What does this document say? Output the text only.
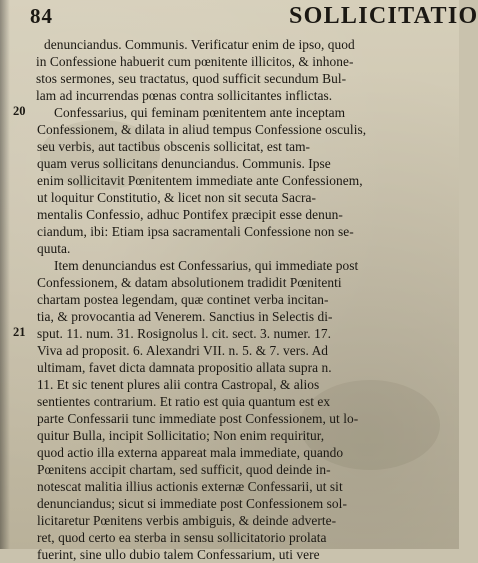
84	SOLLICITATIO
20
21
denunciandus. Communis. Verificatur enim de ipso, quod
in Confessione habuerit cum pœnitente illicitos, & inhone-
stos sermones, seu tractatus, quod sufficit secundum Bul-
lam ad incurrendas pœnas contra sollicitantes inflictas.
Confessarius, qui feminam pœnitentem ante inceptam
Confessionem, & dilata in aliud tempus Confessione osculis,
seu verbis, aut tactibus obscenis sollicitat, est tam-
quam verus sollicitans denunciandus. Communis. Ipse
enim sollicitavit Pœnitentem immediate ante Confessionem,
ut loquitur Constitutio, & licet non sit secuta Sacra-
mentalis Confessio, adhuc Pontifex præcipit esse denun-
ciandum, ibi: Etiam ipsa sacramentali Confessione non se-
quuta.
Item denunciandus est Confessarius, qui immediate post
Confessionem, & datam absolutionem tradidit Pœnitenti
chartam postea legendam, quæ continet verba incitan-
tia, & provocantia ad Venerem. Sanctius in Selectis di-
sput. 11. num. 31. Rosignolus l. cit. sect. 3. numer. 17.
Viva ad proposit. 6. Alexandri VII. n. 5. & 7. vers. Ad
ultimam, favet dicta damnata propositio allata supra n.
11. Et sic tenent plures alii contra Castropal, & alios
sentientes contrarium. Et ratio est quia quantum est ex
parte Confessarii tunc immediate post Confessionem, ut lo-
quitur Bulla, incipit Sollicitatio; Non enim requiritur,
quod actio illa externa appareat mala immediate, quando
Pœnitens accipit chartam, sed sufficit, quod deinde in-
notescat malitia illius actionis externæ Confessarii, ut sit
denunciandus; sicut si immediate post Confessionem sol-
licitaretur Pœnitens verbis ambiguis, & deinde adverte-
ret, quod certo ea sterba in sensu sollicitatorio prolata
fuerint, sine ullo dubio talem Confessarium, uti vere
